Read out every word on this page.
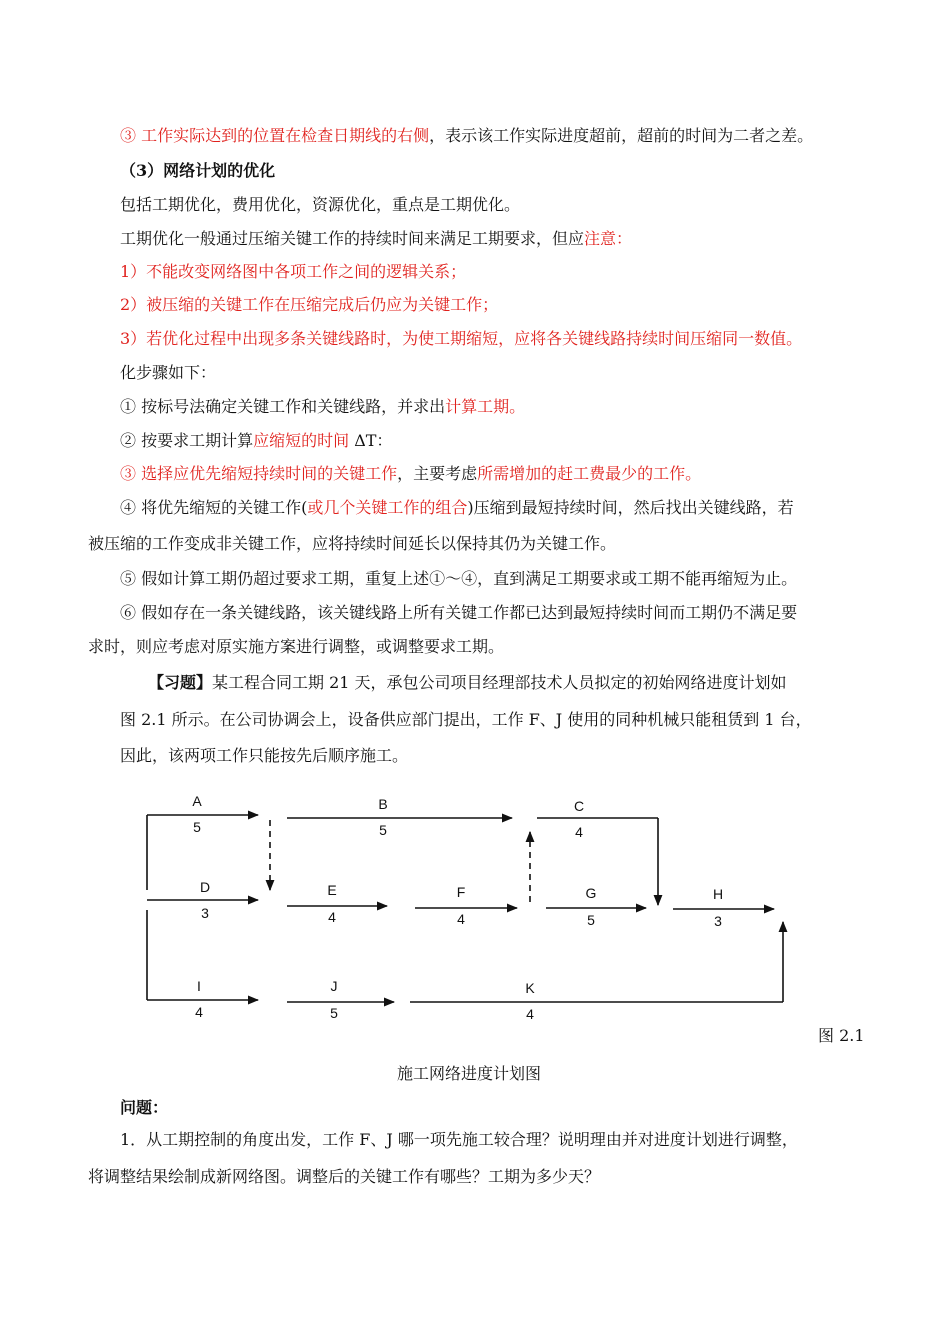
③ 工作实际达到的位置在检查日期线的右侧，表示该工作实际进度超前，超前的时间为二者之差。
（3）网络计划的优化
包括工期优化，费用优化，资源优化，重点是工期优化。
工期优化一般通过压缩关键工作的持续时间来满足工期要求，但应注意：
1）不能改变网络图中各项工作之间的逻辑关系；
2）被压缩的关键工作在压缩完成后仍应为关键工作；
3）若优化过程中出现多条关键线路时，为使工期缩短，应将各关键线路持续时间压缩同一数值。
化步骤如下：
① 按标号法确定关键工作和关键线路，并求出计算工期。
② 按要求工期计算应缩短的时间 ΔT：
③ 选择应优先缩短持续时间的关键工作，主要考虑所需增加的赶工费最少的工作。
④ 将优先缩短的关键工作(或几个关键工作的组合)压缩到最短持续时间，然后找出关键线路，若
被压缩的工作变成非关键工作，应将持续时间延长以保持其仍为关键工作。
⑤ 假如计算工期仍超过要求工期，重复上述①～④，直到满足工期要求或工期不能再缩短为止。
⑥ 假如存在一条关键线路，该关键线路上所有关键工作都已达到最短持续时间而工期仍不满足要
求时，则应考虑对原实施方案进行调整，或调整要求工期。
【习题】某工程合同工期 21 天，承包公司项目经理部技术人员拟定的初始网络进度计划如
图 2.1 所示。在公司协调会上，设备供应部门提出，工作 F、J 使用的同种机械只能租赁到 1 台，
因此，该两项工作只能按先后顺序施工。
A
5
B
5
C
4
D
3
E
4
F
4
G
5
H
3
I
4
J
5
K
4
图 2.1
施工网络进度计划图
问题：
1．从工期控制的角度出发，工作 F、J 哪一项先施工较合理？说明理由并对进度计划进行调整，
将调整结果绘制成新网络图。调整后的关键工作有哪些？工期为多少天？
